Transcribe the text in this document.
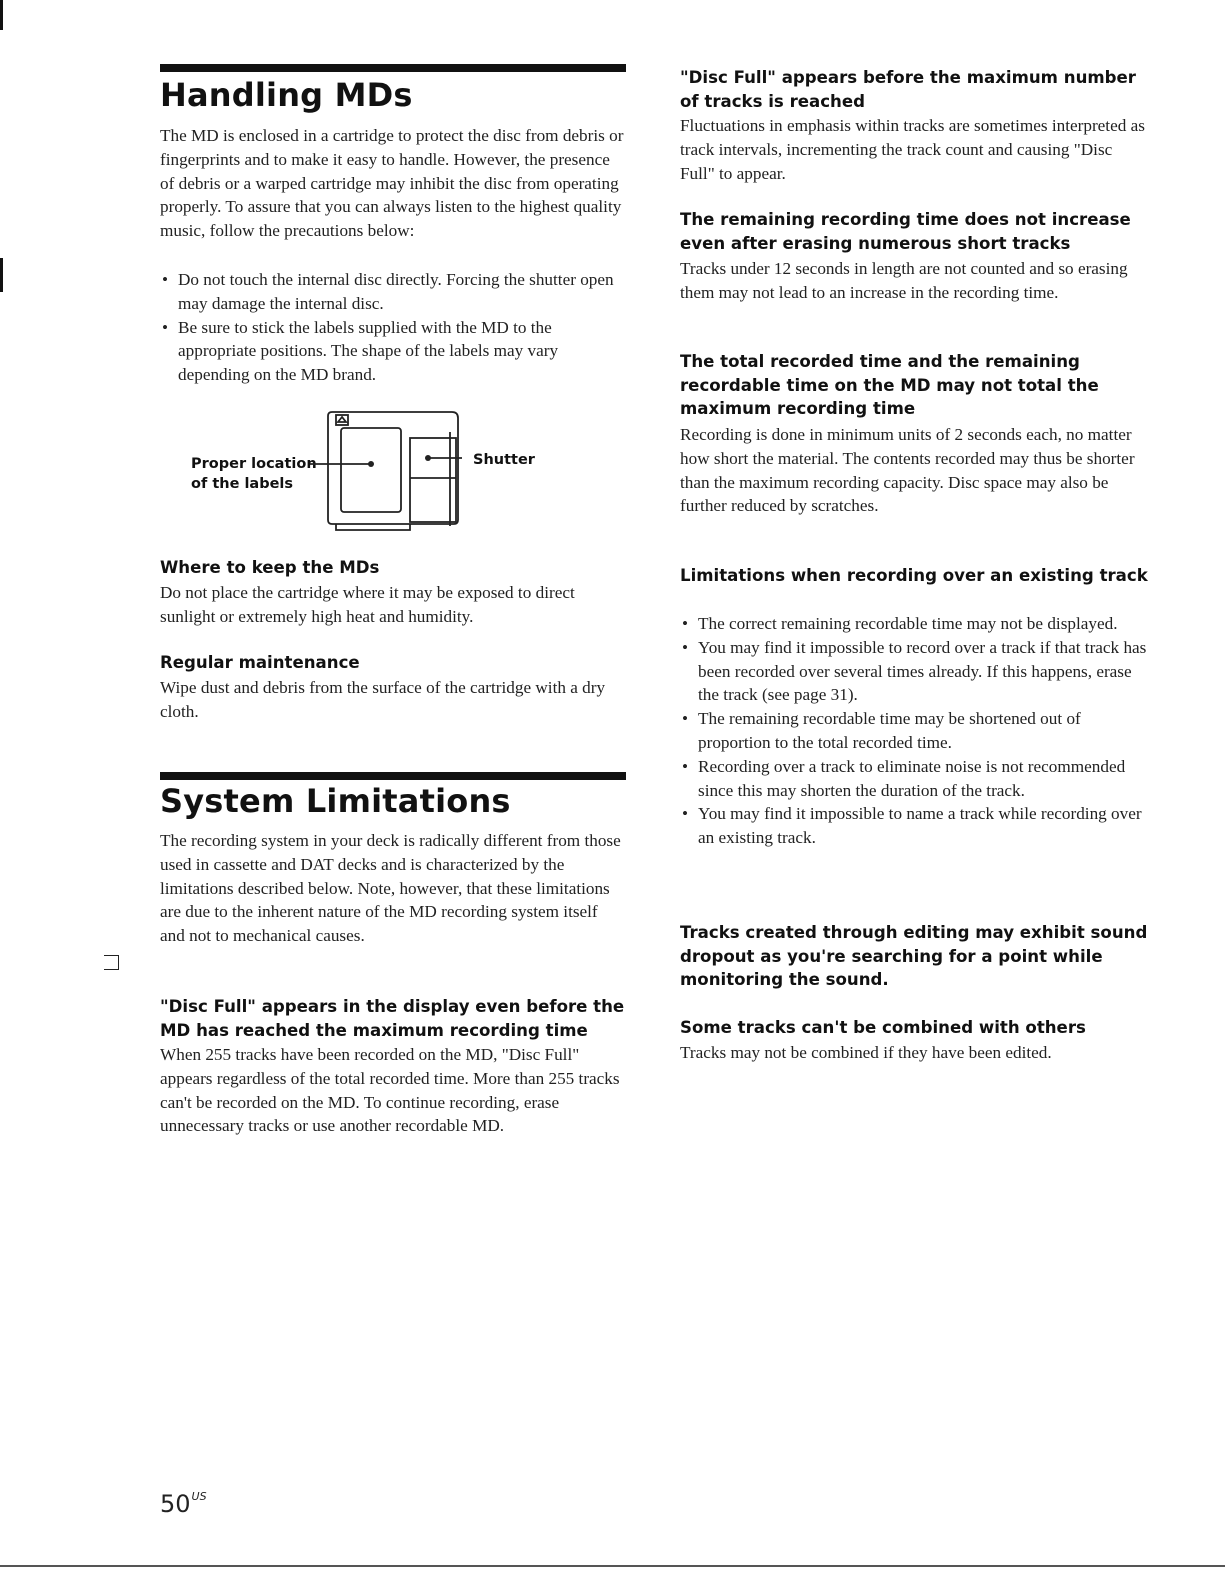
Handling MDs

The MD is enclosed in a cartridge to protect the disc from debris or fingerprints and to make it easy to handle. However, the presence of debris or a warped cartridge may inhibit the disc from operating properly. To assure that you can always listen to the highest quality music, follow the precautions below:

• Do not touch the internal disc directly. Forcing the shutter open may damage the internal disc.
• Be sure to stick the labels supplied with the MD to the appropriate positions. The shape of the labels may vary depending on the MD brand.
Proper location
of the labels
Shutter
Where to keep the MDs

Do not place the cartridge where it may be exposed to direct sunlight or extremely high heat and humidity.

Regular maintenance

Wipe dust and debris from the surface of the cartridge with a dry cloth.

System Limitations

The recording system in your deck is radically different from those used in cassette and DAT decks and is characterized by the limitations described below. Note, however, that these limitations are due to the inherent nature of the MD recording system itself and not to mechanical causes.

"Disc Full" appears in the display even before the MD has reached the maximum recording time

When 255 tracks have been recorded on the MD, "Disc Full" appears regardless of the total recorded time. More than 255 tracks can't be recorded on the MD. To continue recording, erase unnecessary tracks or use another recordable MD.

"Disc Full" appears before the maximum number of tracks is reached

Fluctuations in emphasis within tracks are sometimes interpreted as track intervals, incrementing the track count and causing "Disc Full" to appear.

The remaining recording time does not increase even after erasing numerous short tracks

Tracks under 12 seconds in length are not counted and so erasing them may not lead to an increase in the recording time.

The total recorded time and the remaining recordable time on the MD may not total the maximum recording time

Recording is done in minimum units of 2 seconds each, no matter how short the material. The contents recorded may thus be shorter than the maximum recording capacity. Disc space may also be further reduced by scratches.

Limitations when recording over an existing track
• The correct remaining recordable time may not be displayed.
• You may find it impossible to record over a track if that track has been recorded over several times already. If this happens, erase the track (see page 31).
• The remaining recordable time may be shortened out of proportion to the total recorded time.
• Recording over a track to eliminate noise is not recommended since this may shorten the duration of the track.
• You may find it impossible to name a track while recording over an existing track.
Tracks created through editing may exhibit sound dropout as you're searching for a point while monitoring the sound.
Some tracks can't be combined with others

Tracks may not be combined if they have been edited.

$50^{US}$
